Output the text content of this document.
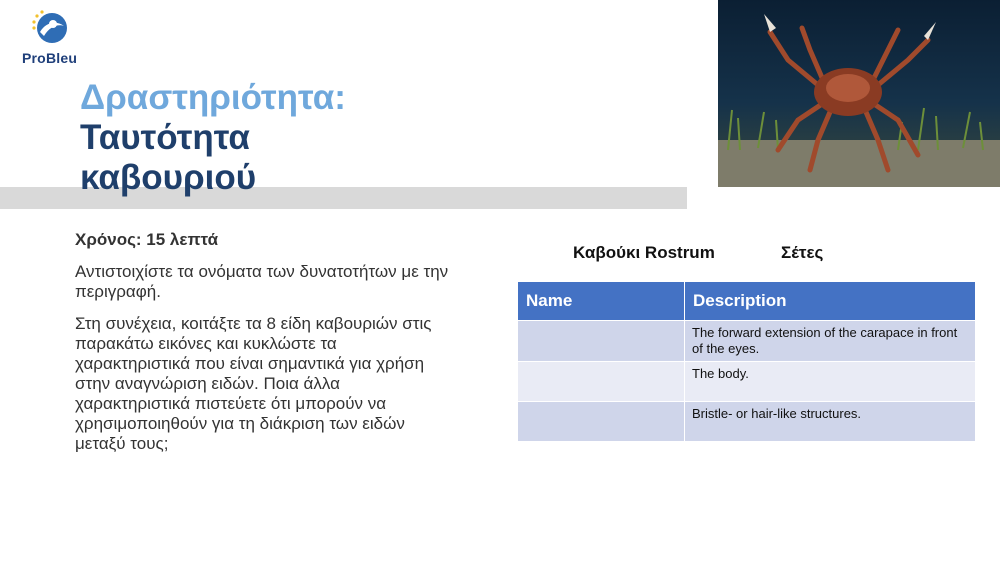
ProBleu
Δραστηριότητα:
Ταυτότητα
καβουριού
Χρόνος: 15 λεπτά

Αντιστοιχίστε τα ονόματα των δυνατοτήτων με την περιγραφή.

Στη συνέχεια, κοιτάξτε τα 8 είδη καβουριών στις παρακάτω εικόνες και κυκλώστε τα χαρακτηριστικά που είναι σημαντικά για χρήση στην αναγνώριση ειδών. Ποια άλλα χαρακτηριστικά πιστεύετε ότι μπορούν να χρησιμοποιηθούν για τη διάκριση των ειδών μεταξύ τους;

Καβούκι Rostrum	Σέτες
Name	Description
	The forward extension of the carapace in front of the eyes.
	The body.
	Bristle- or hair-like structures.
